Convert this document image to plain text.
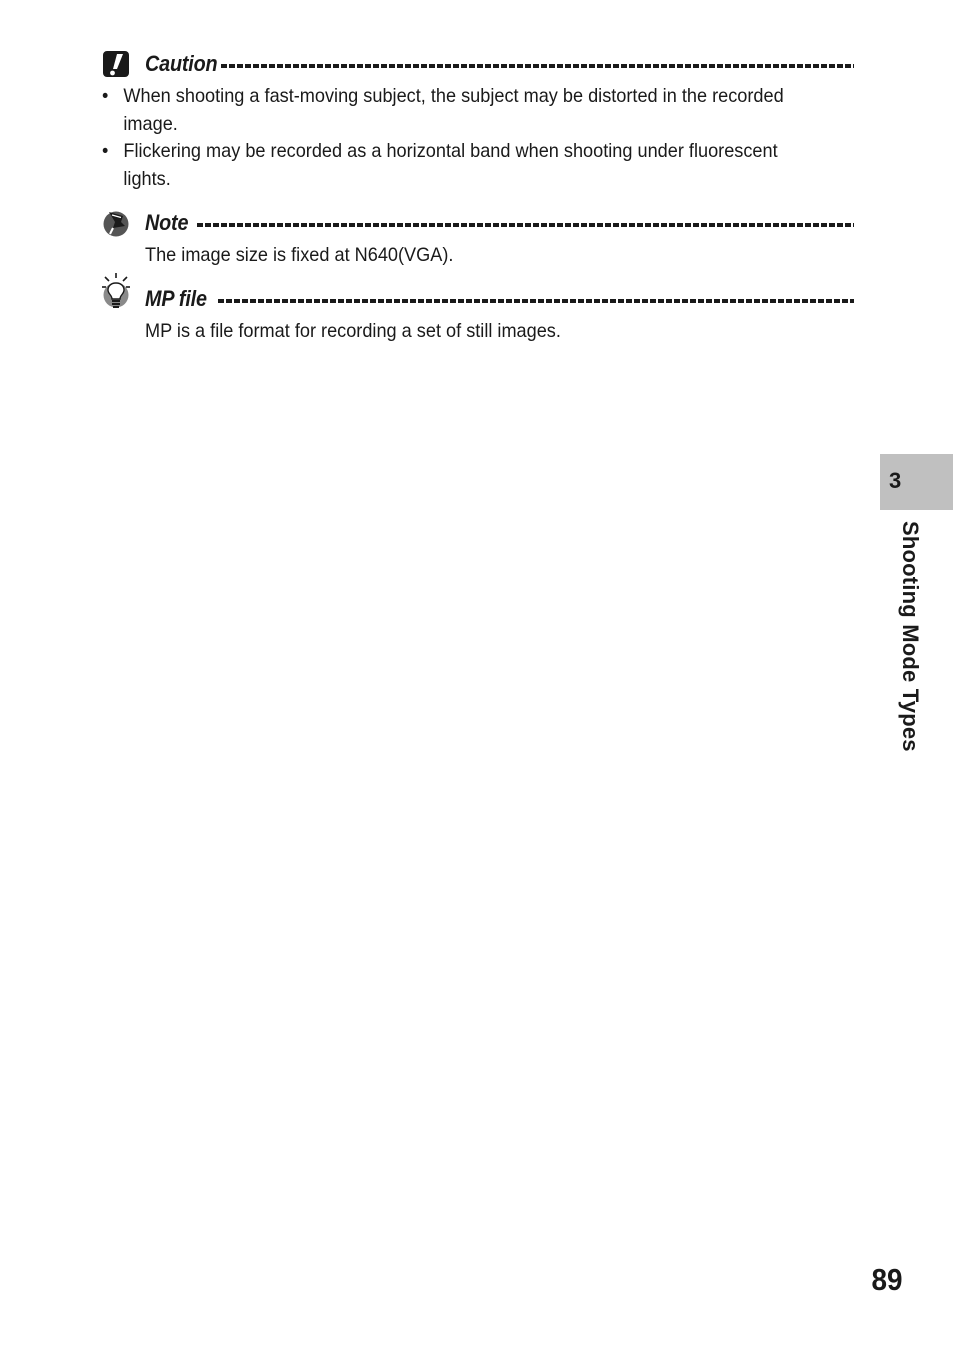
Caution
• When shooting a fast-moving subject, the subject may be distorted in the recorded image.
• Flickering may be recorded as a horizontal band when shooting under fluorescent lights.
Note

The image size is fixed at N640(VGA).

MP file

MP is a file format for recording a set of still images.

3
Shooting Mode Types
89
